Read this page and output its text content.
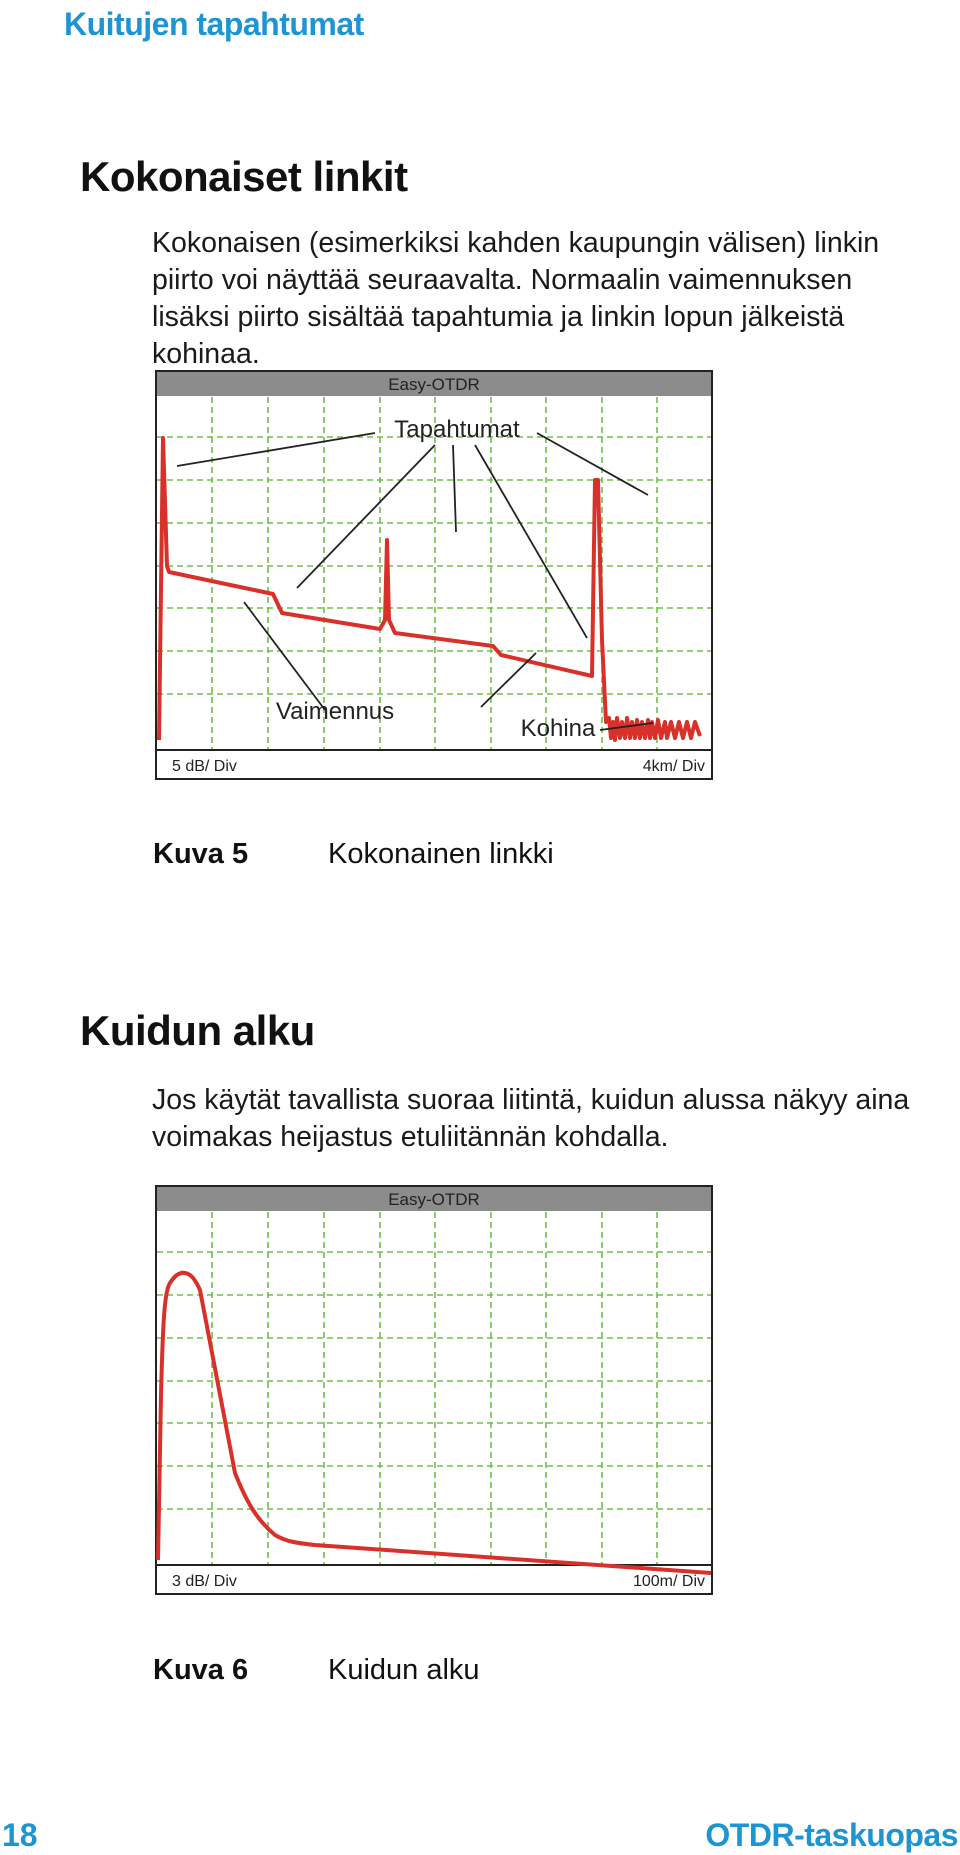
Kuitujen tapahtumat
Kokonaiset linkit

Kokonaisen (esimerkiksi kahden kaupungin välisen) linkin piirto voi näyttää seuraavalta. Normaalin vaimennuksen lisäksi piirto sisältää tapahtumia ja linkin lopun jälkeistä kohinaa.

Easy-OTDR
Tapahtumat
Vaimennus
Kohina
5 dB/ Div	4km/ Div
Kuva 5	Kokonainen linkki
Kuidun alku

Jos käytät tavallista suoraa liitintä, kuidun alussa näkyy aina voimakas heijastus etuliitännän kohdalla.

Easy-OTDR
3 dB/ Div	100m/ Div
Kuva 6	Kuidun alku
18	OTDR-taskuopas
